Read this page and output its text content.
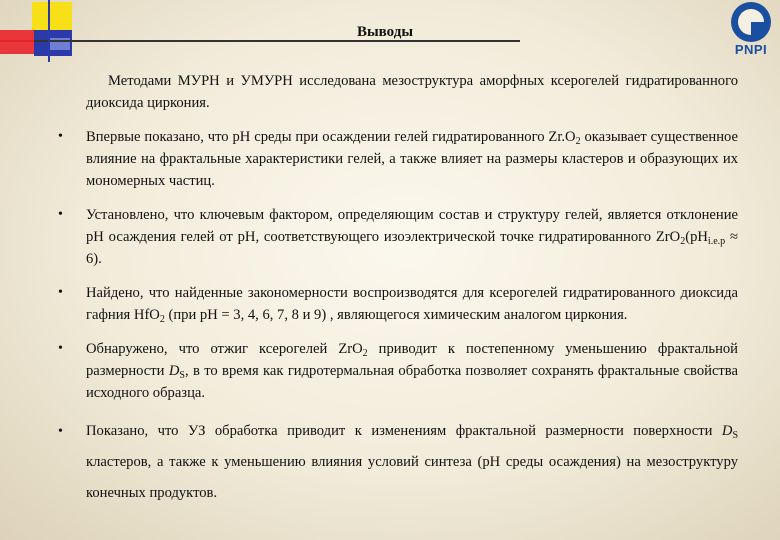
Выводы
PNPI

Методами МУРН и УМУРН исследована мезоструктура аморфных ксерогелей гидратированного диоксида циркония.

• Впервые показано, что pH среды при осаждении гелей гидратированного $Zr.O_2$ оказывает существенное влияние на фрактальные характеристики гелей, а также влияет на размеры кластеров и образующих их мономерных частиц.
• Установлено, что ключевым фактором, определяющим состав и структуру гелей, является отклонение pH осаждения гелей от pH, соответствующего изоэлектрической точке гидратированного $ZrO_2(pH_{i.e.p} \approx 6)$.
• Найдено, что найденные закономерности воспроизводятся для ксерогелей гидратированного диоксида гафния HfO$_2$ (при pH = 3, 4, 6, 7, 8 и 9) , являющегося химическим аналогом циркония.
• Обнаружено, что отжиг ксерогелей ZrO$_2$ приводит к постепенному уменьшению фрактальной размерности $D_S$, в то время как гидротермальная обработка позволяет сохранять фрактальные свойства исходного образца.
• Показано, что УЗ обработка приводит к изменениям фрактальной размерности поверхности $D_S$ кластеров, а также к уменьшению влияния условий синтеза (pH среды осаждения) на мезоструктуру конечных продуктов.
